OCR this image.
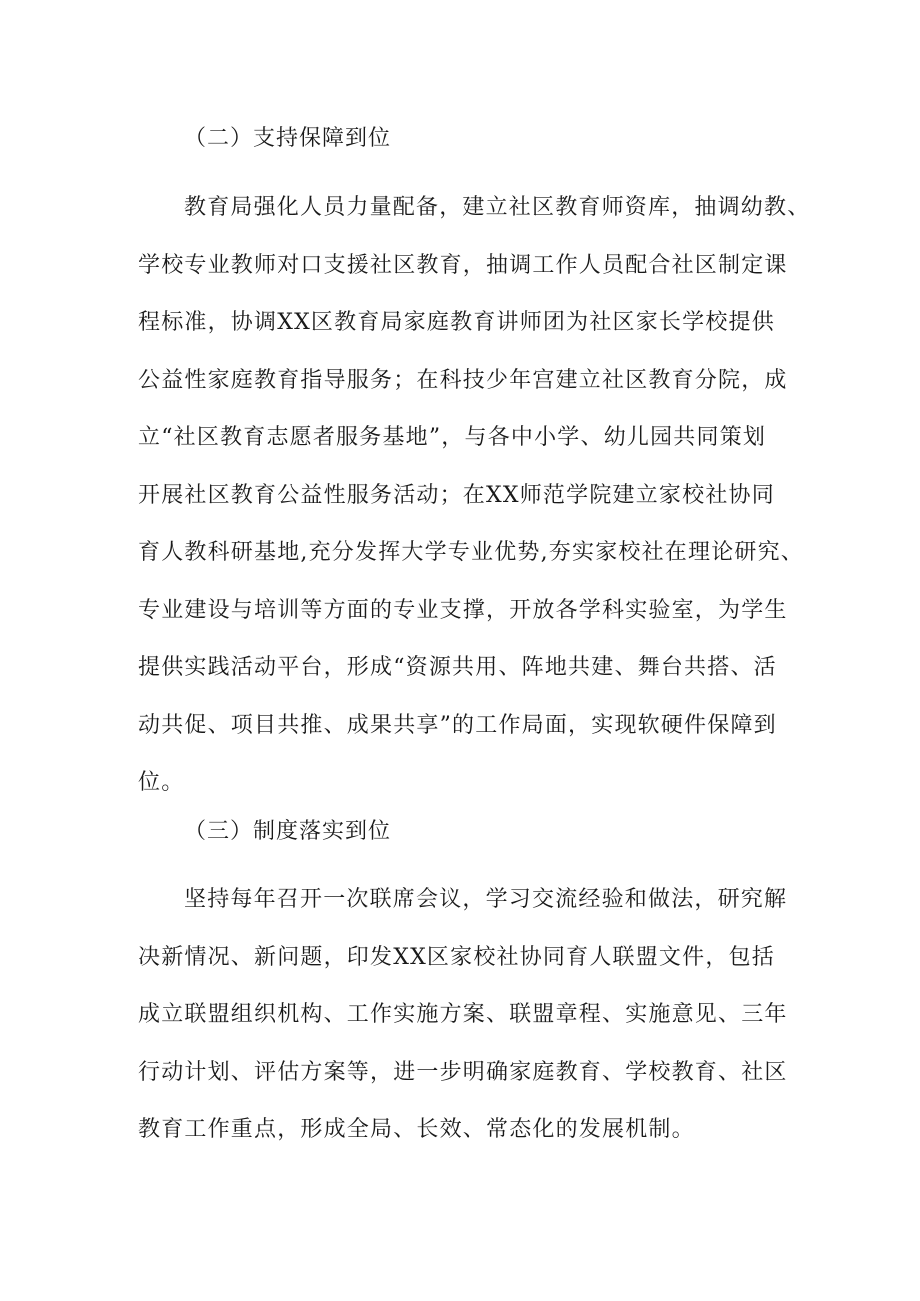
（二）支持保障到位
教育局强化人员力量配备，建立社区教育师资库，抽调幼教、
学校专业教师对口支援社区教育，抽调工作人员配合社区制定课
程标准，协调XX区教育局家庭教育讲师团为社区家长学校提供
公益性家庭教育指导服务；在科技少年宫建立社区教育分院，成
立“社区教育志愿者服务基地”，与各中小学、幼儿园共同策划
开展社区教育公益性服务活动；在XX师范学院建立家校社协同
育人教科研基地,充分发挥大学专业优势,夯实家校社在理论研究、
专业建设与培训等方面的专业支撑，开放各学科实验室，为学生
提供实践活动平台，形成“资源共用、阵地共建、舞台共搭、活
动共促、项目共推、成果共享”的工作局面，实现软硬件保障到
位。
（三）制度落实到位
坚持每年召开一次联席会议，学习交流经验和做法，研究解
决新情况、新问题，印发XX区家校社协同育人联盟文件，包括
成立联盟组织机构、工作实施方案、联盟章程、实施意见、三年
行动计划、评估方案等，进一步明确家庭教育、学校教育、社区
教育工作重点，形成全局、长效、常态化的发展机制。
